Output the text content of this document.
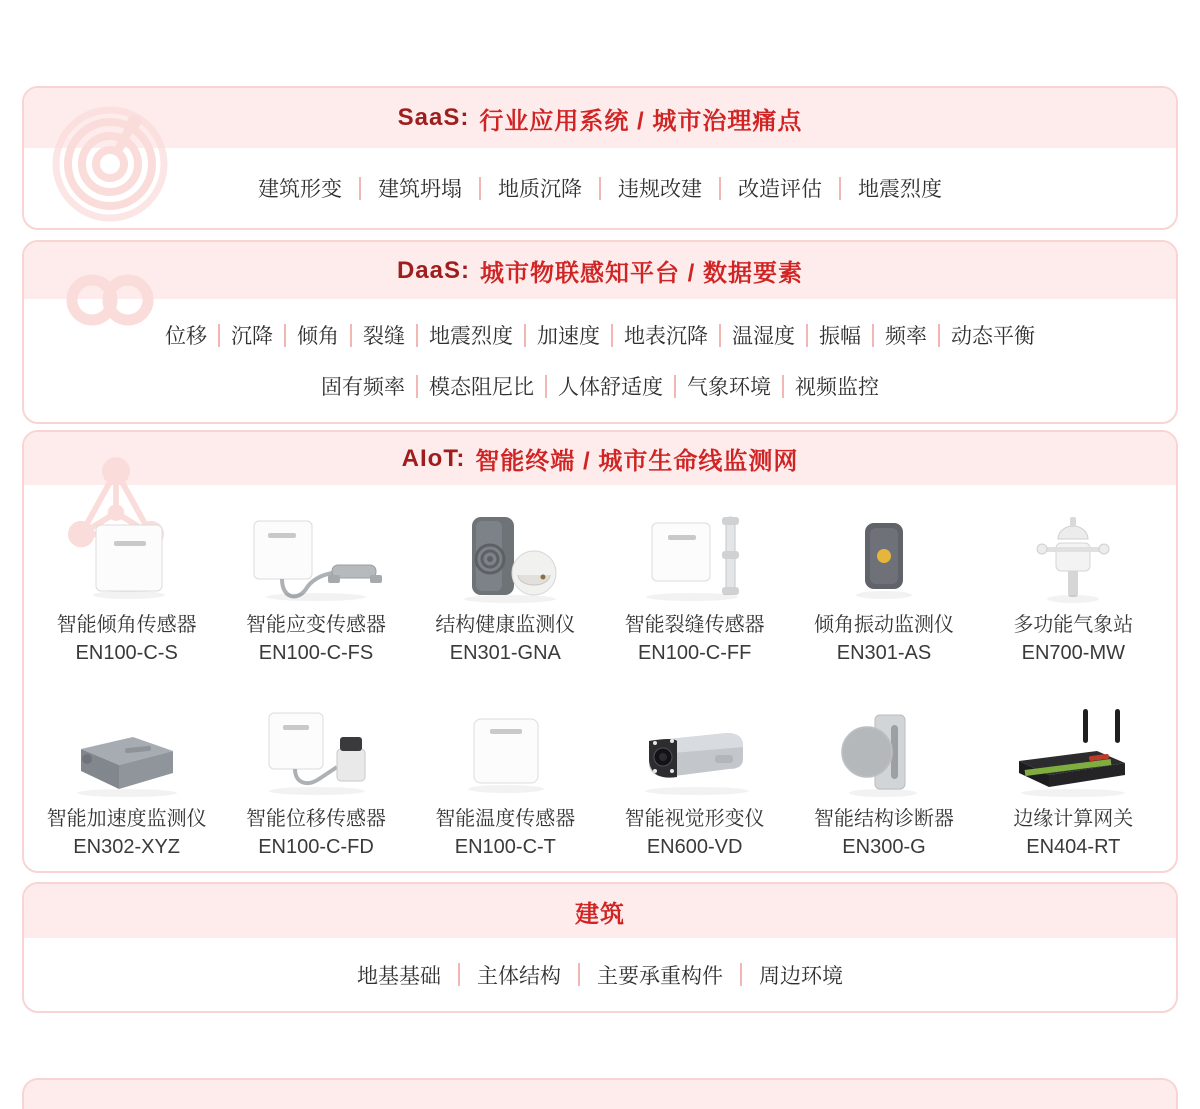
SaaS: 行业应用系统 / 城市治理痛点
建筑形变	建筑坍塌	地质沉降	违规改建	改造评估	地震烈度
DaaS: 城市物联感知平台 / 数据要素
位移	沉降	倾角	裂缝	地震烈度	加速度	地表沉降	温湿度	振幅	频率	动态平衡
固有频率	模态阻尼比	人体舒适度	气象环境	视频监控
AIoT: 智能终端 / 城市生命线监测网
智能倾角传感器
EN100-C-S
智能应变传感器
EN100-C-FS
结构健康监测仪
EN301-GNA
智能裂缝传感器
EN100-C-FF
倾角振动监测仪
EN301-AS
多功能气象站
EN700-MW
智能加速度监测仪
EN302-XYZ
智能位移传感器
EN100-C-FD
智能温度传感器
EN100-C-T
智能视觉形变仪
EN600-VD
智能结构诊断器
EN300-G
边缘计算网关
EN404-RT
建筑
地基基础	主体结构	主要承重构件	周边环境
